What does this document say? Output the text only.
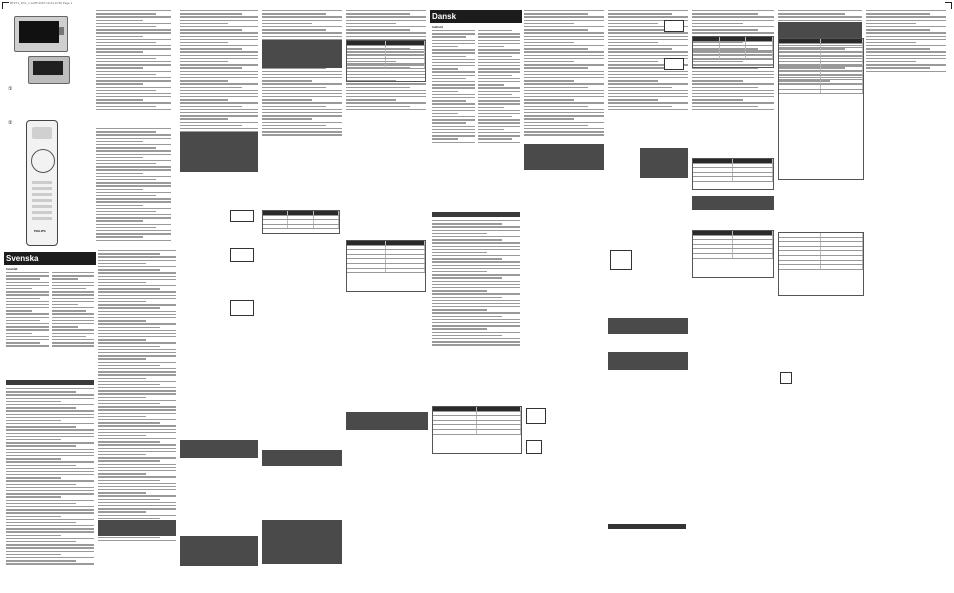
BTFT1_DVx_1 sw55 2007-10-24 11:50 Page 1
①
PHILIPS
②
Svenska
Innehåll
Dansk
Indhold
